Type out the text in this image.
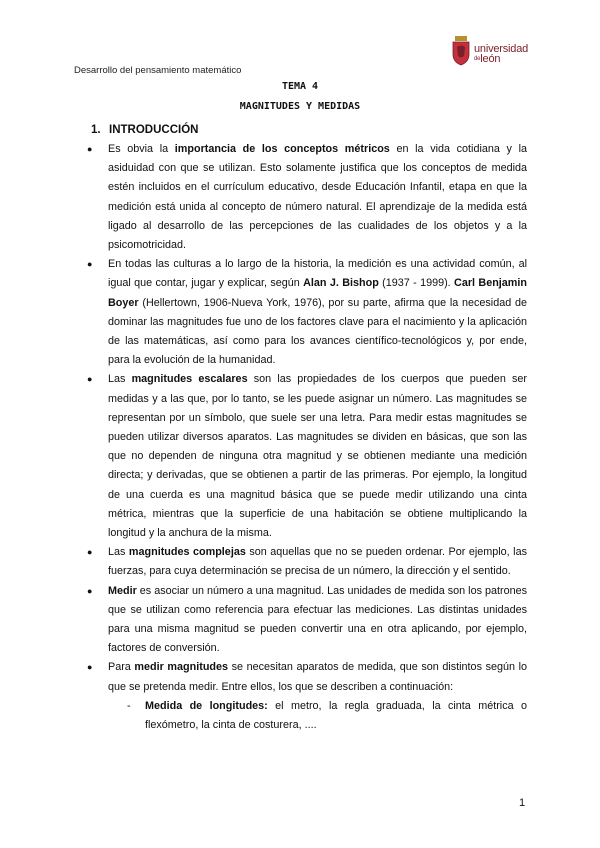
Desarrollo del pensamiento matemático
universidad
$^{de}$león
TEMA 4
MAGNITUDES Y MEDIDAS
1. INTRODUCCIÓN

● Es obvia la importancia de los conceptos métricos en la vida cotidiana y la asiduidad con que se utilizan. Esto solamente justifica que los conceptos de medida estén incluidos en el currículum educativo, desde Educación Infantil, etapa en que la medición está unida al concepto de número natural. El aprendizaje de la medida está ligado al desarrollo de las percepciones de las cualidades de los objetos y a la psicomotricidad.

● En todas las culturas a lo largo de la historia, la medición es una actividad común, al igual que contar, jugar y explicar, según Alan J. Bishop (1937 - 1999). Carl Benjamin Boyer (Hellertown, 1906-Nueva York, 1976), por su parte, afirma que la necesidad de dominar las magnitudes fue uno de los factores clave para el nacimiento y la aplicación de las matemáticas, así como para los avances científico-tecnológicos y, por ende, para la evolución de la humanidad.

● Las magnitudes escalares son las propiedades de los cuerpos que pueden ser medidas y a las que, por lo tanto, se les puede asignar un número. Las magnitudes se representan por un símbolo, que suele ser una letra. Para medir estas magnitudes se pueden utilizar diversos aparatos. Las magnitudes se dividen en básicas, que son las que no dependen de ninguna otra magnitud y se obtienen mediante una medición directa; y derivadas, que se obtienen a partir de las primeras. Por ejemplo, la longitud de una cuerda es una magnitud básica que se puede medir utilizando una cinta métrica, mientras que la superficie de una habitación se obtiene multiplicando la longitud y la anchura de la misma.

● Las magnitudes complejas son aquellas que no se pueden ordenar. Por ejemplo, las fuerzas, para cuya determinación se precisa de un número, la dirección y el sentido.

● Medir es asociar un número a una magnitud. Las unidades de medida son los patrones que se utilizan como referencia para efectuar las mediciones. Las distintas unidades para una misma magnitud se pueden convertir una en otra aplicando, por ejemplo, factores de conversión.

● Para medir magnitudes se necesitan aparatos de medida, que son distintos según lo que se pretenda medir. Entre ellos, los que se describen a continuación:

- Medida de longitudes: el metro, la regla graduada, la cinta métrica o flexómetro, la cinta de costurera, ....
1
